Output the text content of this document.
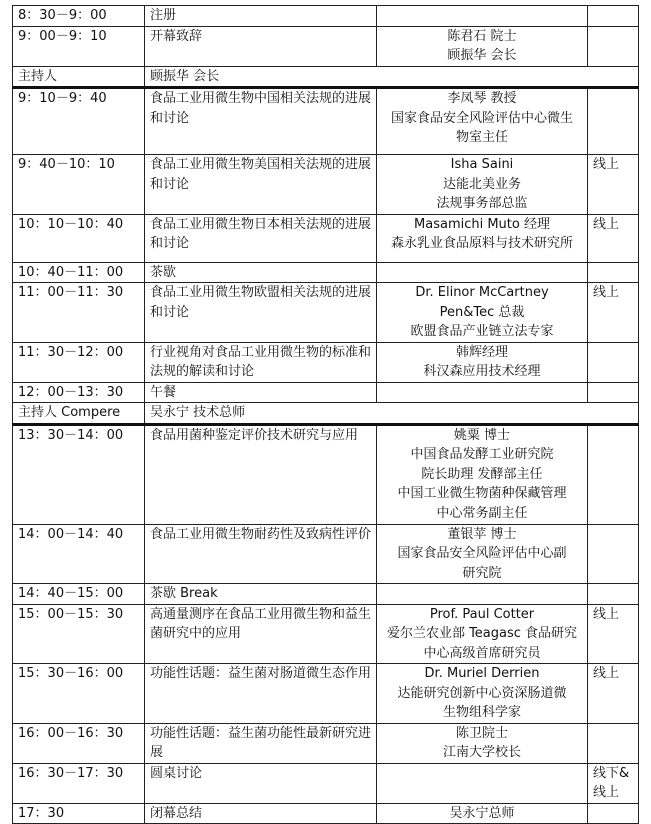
8：30－9：00	注册		
9：00－9：10	开幕致辞	陈君石 院士
顾振华 会长	

主持人	顾振华 会长		
9：10－9：40	食品工业用微生物中国相关法规的进展和讨论	李凤琴 教授
国家食品安全风险评估中心微生
物室主任	

9：40－10：10	食品工业用微生物美国相关法规的进展和讨论	Isha Saini
达能北美业务
法规事务部总监	线上
10：10－10：40	食品工业用微生物日本相关法规的进展和讨论	Masamichi Muto 经理
森永乳业食品原料与技术研究所	线上
10：40－11：00	茶歇		
11：00－11：30	食品工业用微生物欧盟相关法规的进展和讨论	Dr. Elinor McCartney
Pen&Tec 总裁
欧盟食品产业链立法专家	线上
11：30－12：00	行业视角对食品工业用微生物的标准和法规的解读和讨论	韩辉经理
科汉森应用技术经理	

12：00－13：30	午餐		
主持人 Compere	吴永宁 技术总师		
13：30－14：00	食品用菌种鉴定评价技术研究与应用	姚粟 博士
中国食品发酵工业研究院
院长助理 发酵部主任
中国工业微生物菌种保藏管理
中心常务副主任	

14：00－14：40	食品工业用微生物耐药性及致病性评价	董银苹 博士
国家食品安全风险评估中心副
研究院	

14：40－15：00	茶歇 Break		
15：00－15：30	高通量测序在食品工业用微生物和益生菌研究中的应用	Prof. Paul Cotter
爱尔兰农业部 Teagasc 食品研究
中心高级首席研究员	线上
15：30－16：00	功能性话题：益生菌对肠道微生态作用	Dr. Muriel Derrien
达能研究创新中心资深肠道微
生物组科学家	线上
16：00－16：30	功能性话题：益生菌功能性最新研究进展	陈卫院士
江南大学校长	

16：30－17：30	圆桌讨论		线下&线上
17：30	闭幕总结	吴永宁总师	
